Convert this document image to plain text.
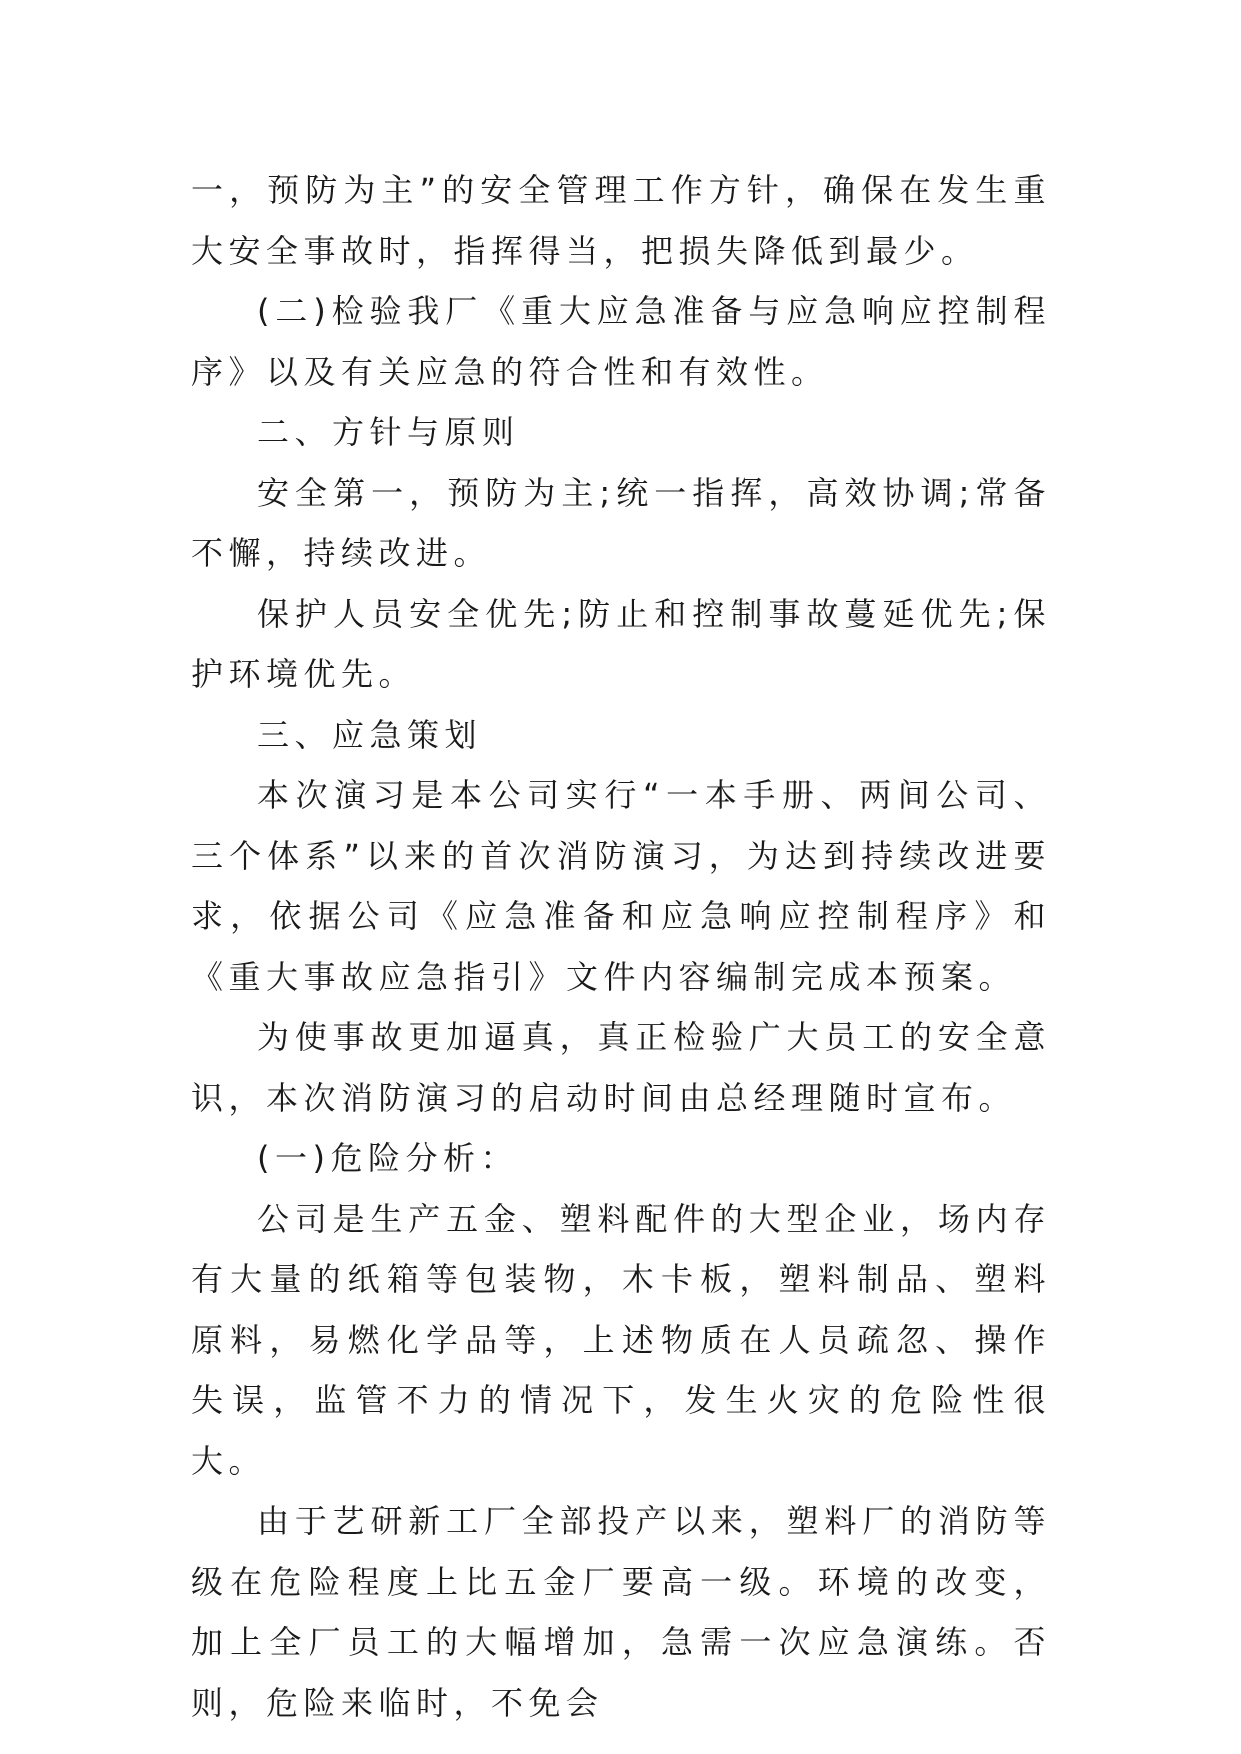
一，预防为主”的安全管理工作方针，确保在发生重大安全事故时，指挥得当，把损失降低到最少。

(二)检验我厂《重大应急准备与应急响应控制程序》以及有关应急的符合性和有效性。

二、方针与原则

安全第一，预防为主;统一指挥，高效协调;常备不懈，持续改进。

保护人员安全优先;防止和控制事故蔓延优先;保护环境优先。

三、应急策划

本次演习是本公司实行“一本手册、两间公司、三个体系”以来的首次消防演习，为达到持续改进要求，依据公司《应急准备和应急响应控制程序》和《重大事故应急指引》文件内容编制完成本预案。

为使事故更加逼真，真正检验广大员工的安全意识，本次消防演习的启动时间由总经理随时宣布。

(一)危险分析：

公司是生产五金、塑料配件的大型企业，场内存有大量的纸箱等包装物，木卡板，塑料制品、塑料原料，易燃化学品等，上述物质在人员疏忽、操作失误，监管不力的情况下，发生火灾的危险性很大。

由于艺研新工厂全部投产以来，塑料厂的消防等级在危险程度上比五金厂要高一级。环境的改变，加上全厂员工的大幅增加，急需一次应急演练。否则，危险来临时，不免会
